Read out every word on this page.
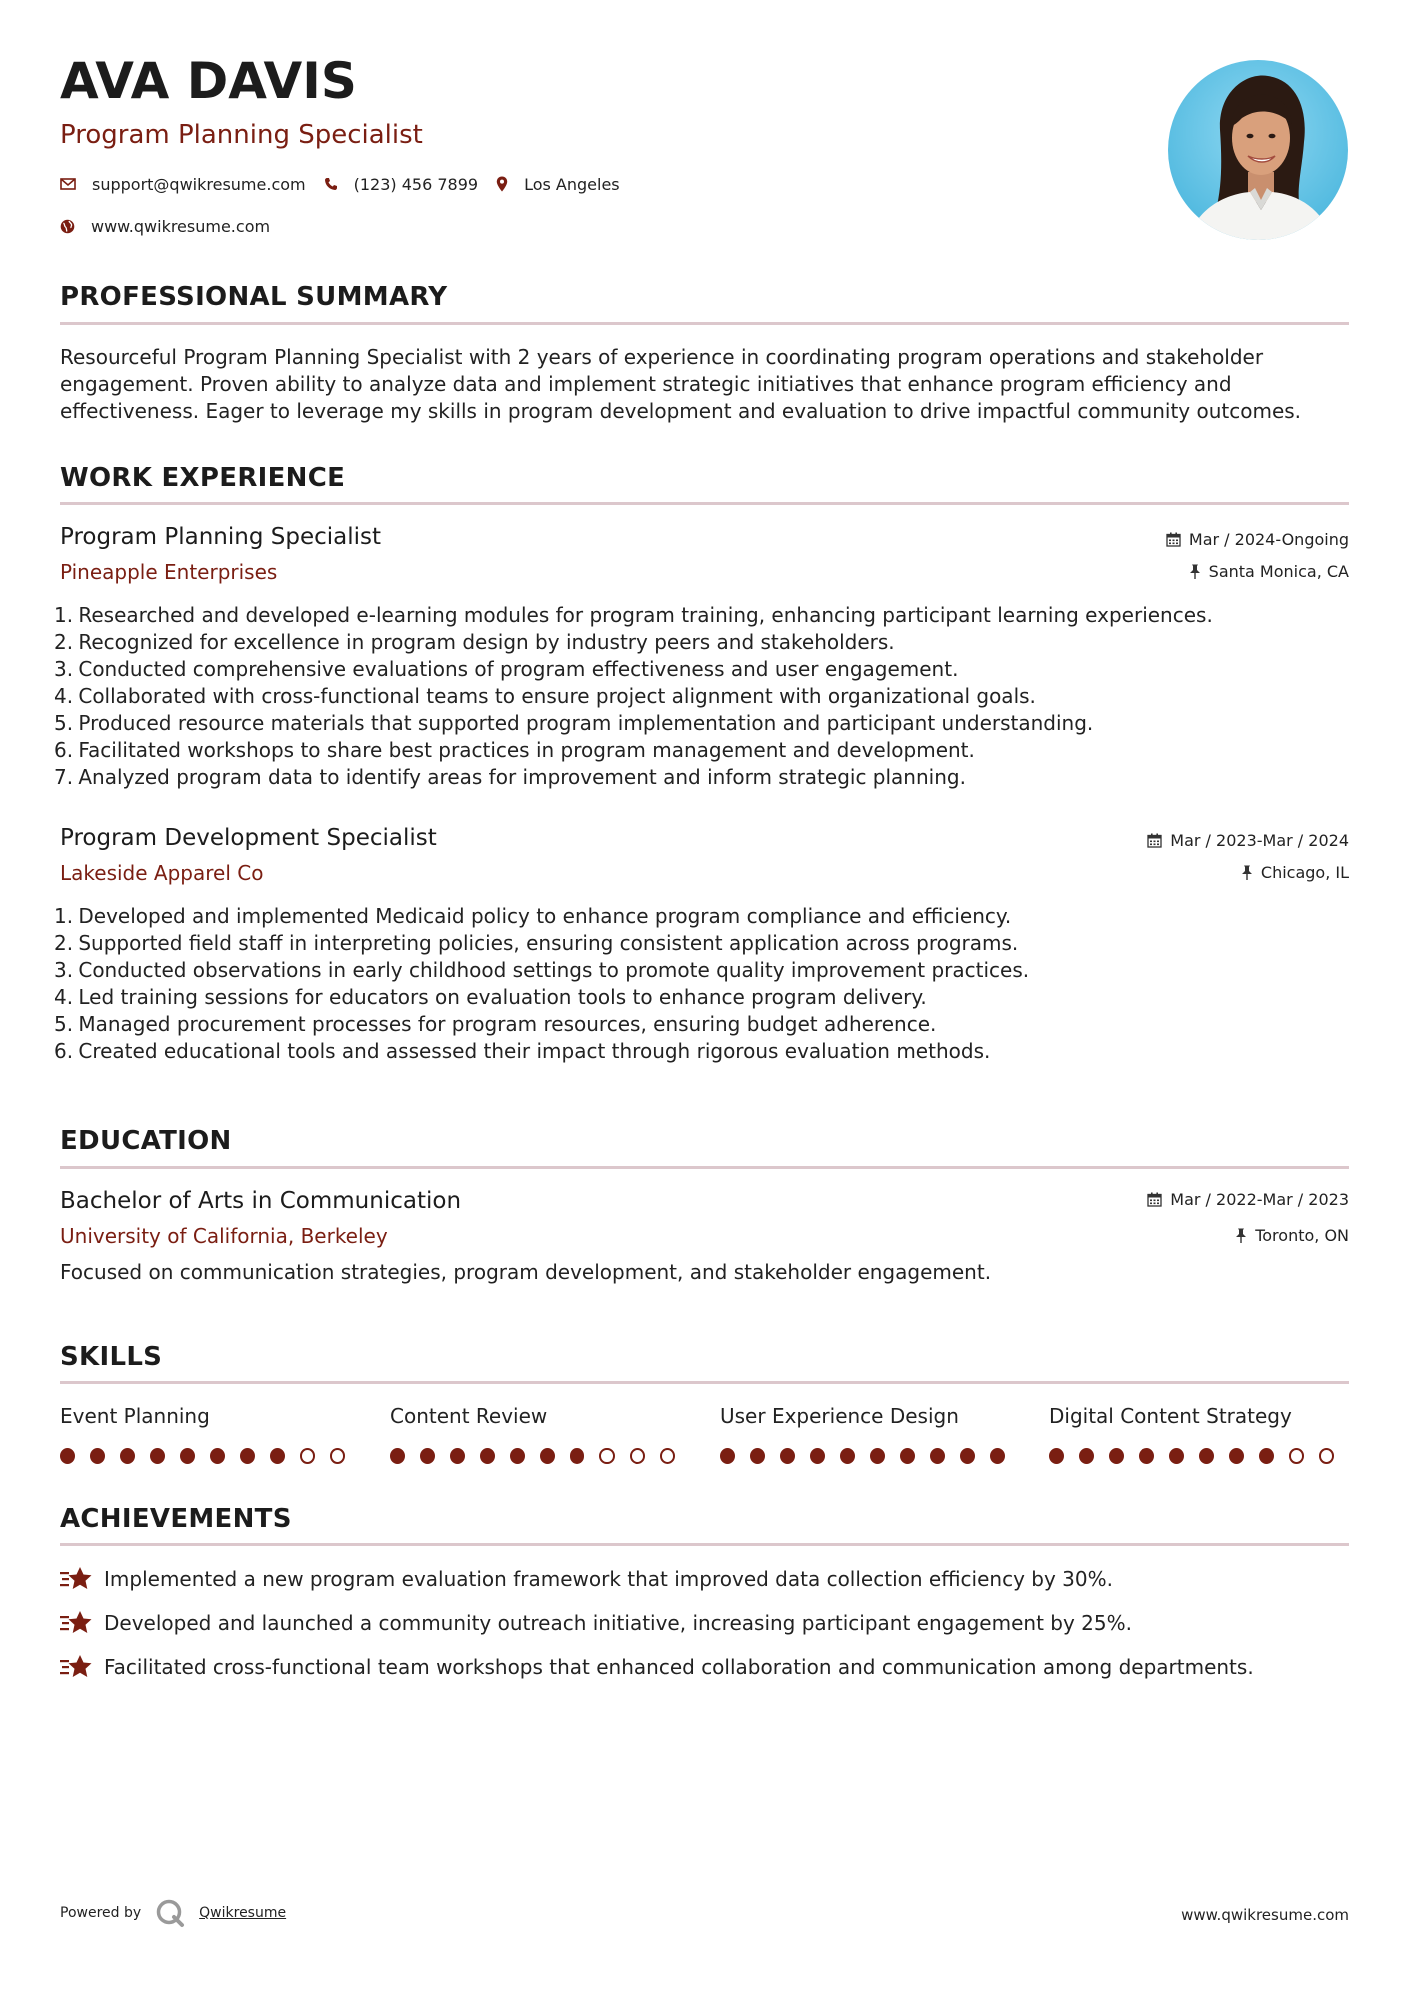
AVA DAVIS
Program Planning Specialist
support@qwikresume.com	(123) 456 7899	Los Angeles
www.qwikresume.com
PROFESSIONAL SUMMARY
Resourceful Program Planning Specialist with 2 years of experience in coordinating program operations and stakeholder engagement. Proven ability to analyze data and implement strategic initiatives that enhance program efficiency and effectiveness. Eager to leverage my skills in program development and evaluation to drive impactful community outcomes.
WORK EXPERIENCE
Program Planning Specialist
Pineapple Enterprises
Mar / 2024-Ongoing
Santa Monica, CA
1. Researched and developed e-learning modules for program training, enhancing participant learning experiences.
2. Recognized for excellence in program design by industry peers and stakeholders.
3. Conducted comprehensive evaluations of program effectiveness and user engagement.
4. Collaborated with cross-functional teams to ensure project alignment with organizational goals.
5. Produced resource materials that supported program implementation and participant understanding.
6. Facilitated workshops to share best practices in program management and development.
7. Analyzed program data to identify areas for improvement and inform strategic planning.
Program Development Specialist
Lakeside Apparel Co
Mar / 2023-Mar / 2024
Chicago, IL
1. Developed and implemented Medicaid policy to enhance program compliance and efficiency.
2. Supported field staff in interpreting policies, ensuring consistent application across programs.
3. Conducted observations in early childhood settings to promote quality improvement practices.
4. Led training sessions for educators on evaluation tools to enhance program delivery.
5. Managed procurement processes for program resources, ensuring budget adherence.
6. Created educational tools and assessed their impact through rigorous evaluation methods.
EDUCATION
Bachelor of Arts in Communication
University of California, Berkeley
Mar / 2022-Mar / 2023
Toronto, ON
Focused on communication strategies, program development, and stakeholder engagement.
SKILLS
Event Planning	Content Review	User Experience Design	Digital Content Strategy
ACHIEVEMENTS
Implemented a new program evaluation framework that improved data collection efficiency by 30%.
Developed and launched a community outreach initiative, increasing participant engagement by 25%.
Facilitated cross-functional team workshops that enhanced collaboration and communication among departments.
Powered by	Qwikresume	www.qwikresume.com
